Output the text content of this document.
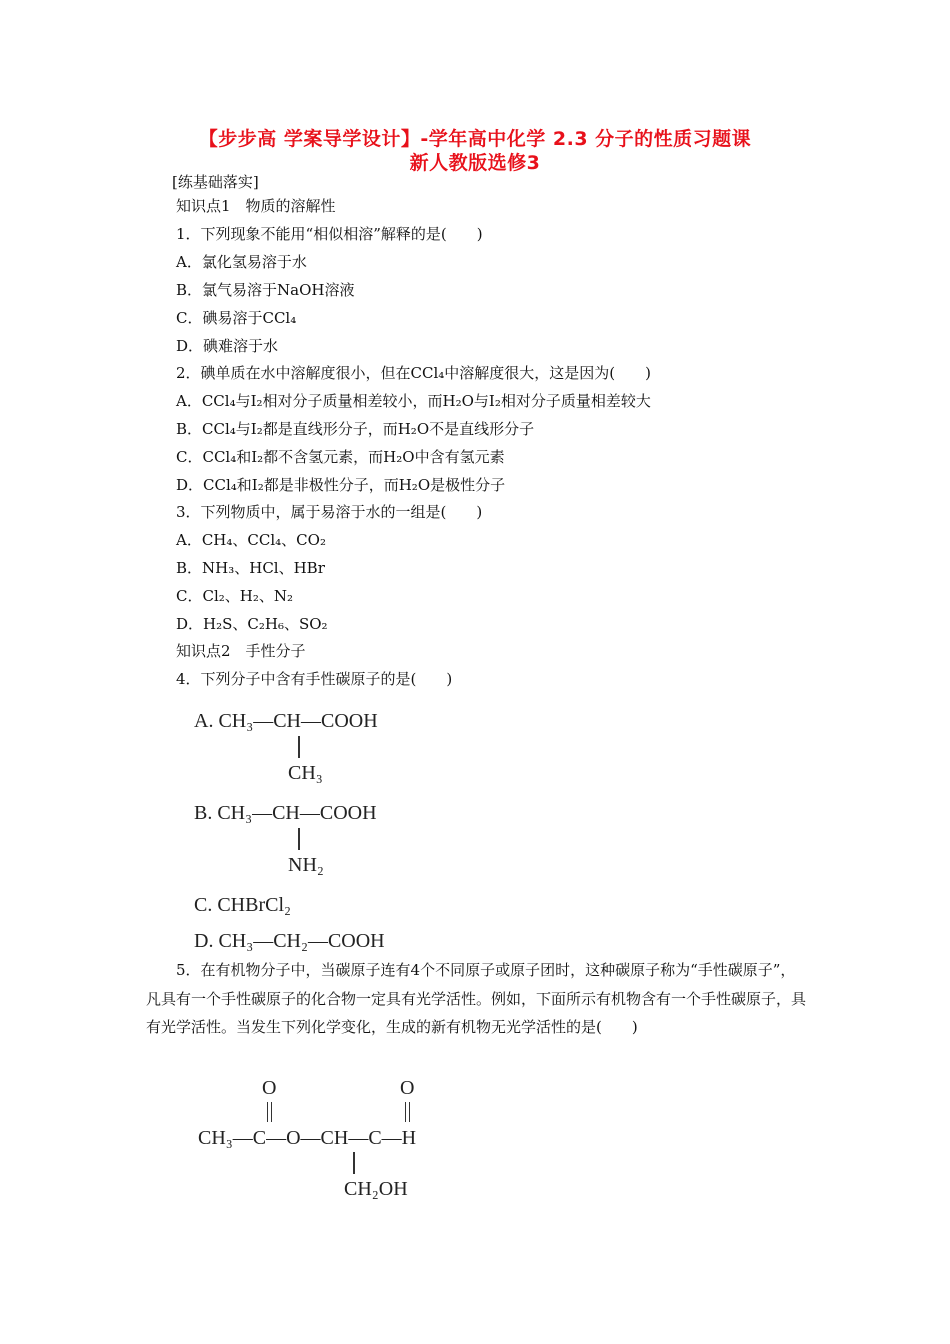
【步步高 学案导学设计】-学年高中化学 2.3 分子的性质习题课
新人教版选修3
[练基础落实]
知识点1　物质的溶解性
1．下列现象不能用“相似相溶”解释的是(　　)
A．氯化氢易溶于水
B．氯气易溶于NaOH溶液
C．碘易溶于CCl₄
D．碘难溶于水
2．碘单质在水中溶解度很小，但在CCl₄中溶解度很大，这是因为(　　)
A．CCl₄与I₂相对分子质量相差较小，而H₂O与I₂相对分子质量相差较大
B．CCl₄与I₂都是直线形分子，而H₂O不是直线形分子
C．CCl₄和I₂都不含氢元素，而H₂O中含有氢元素
D．CCl₄和I₂都是非极性分子，而H₂O是极性分子
3．下列物质中，属于易溶于水的一组是(　　)
A．CH₄、CCl₄、CO₂
B．NH₃、HCl、HBr
C．Cl₂、H₂、N₂
D．H₂S、C₂H₆、SO₂
知识点2　手性分子
4．下列分子中含有手性碳原子的是(　　)
A. CH₃—CH—COOH
CH₃
B. CH₃—CH—COOH
NH₂
C. CHBrCl₂
D. CH₃—CH₂—COOH
5．在有机物分子中，当碳原子连有4个不同原子或原子团时，这种碳原子称为“手性碳原子”，凡具有一个手性碳原子的化合物一定具有光学活性。例如，下面所示有机物含有一个手性碳原子，具有光学活性。当发生下列化学变化，生成的新有机物无光学活性的是(　　)
O	O
CH₃—C—O—CH—C—H
CH₂OH
